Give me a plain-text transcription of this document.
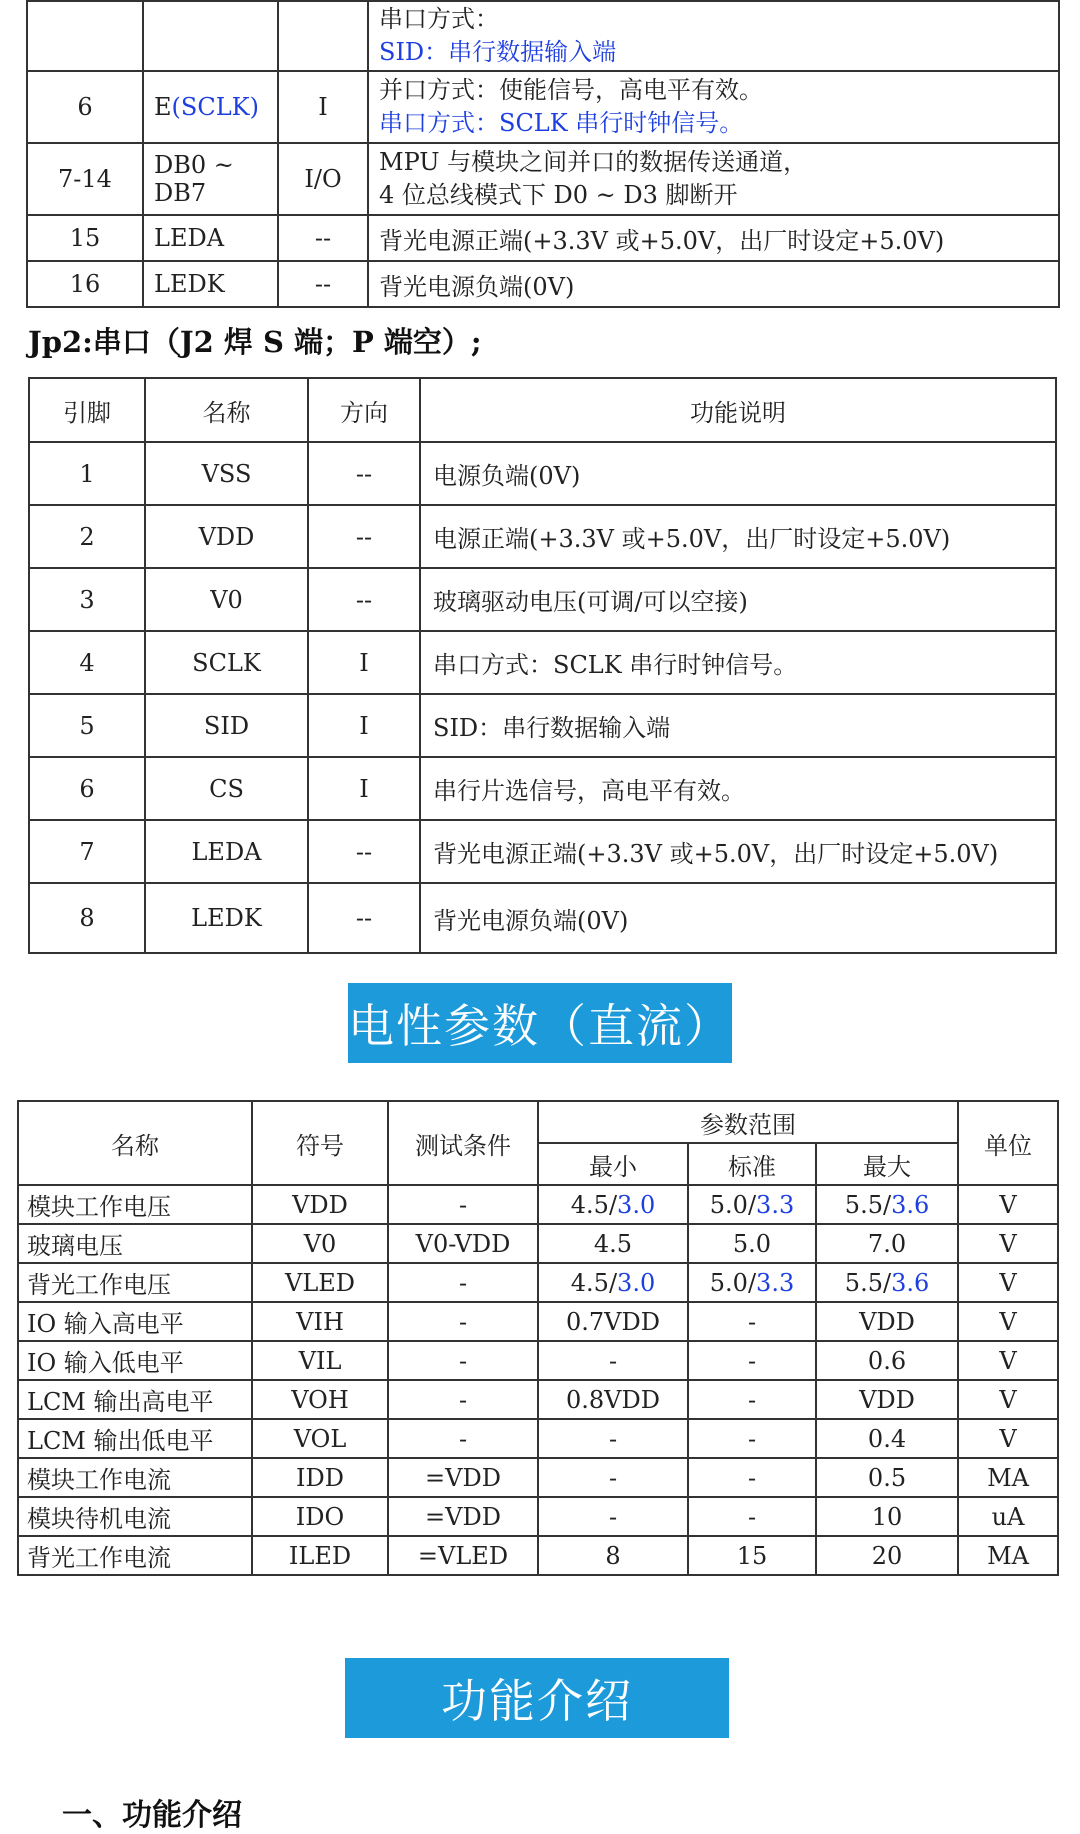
			串口方式：
SID：串行数据输入端

6	E(SCLK)	I	并口方式：使能信号，高电平有效。
串口方式：SCLK 串行时钟信号。

7-14	DB0 ~ DB7	I/O	MPU 与模块之间并口的数据传送通道，
4 位总线模式下 D0 ~ D3 脚断开

15	LEDA	--	背光电源正端(+3.3V 或+5.0V，出厂时设定+5.0V)
16	LEDK	--	背光电源负端(0V)
Jp2:串口（J2 焊 S 端；P 端空）;
引脚	名称	方向	功能说明
1	VSS	--	电源负端(0V)
2	VDD	--	电源正端(+3.3V 或+5.0V，出厂时设定+5.0V)
3	V0	--	玻璃驱动电压(可调/可以空接)
4	SCLK	I	串口方式：SCLK 串行时钟信号。
5	SID	I	SID：串行数据输入端
6	CS	I	串行片选信号，高电平有效。
7	LEDA	--	背光电源正端(+3.3V 或+5.0V，出厂时设定+5.0V)
8	LEDK	--	背光电源负端(0V)
电性参数（直流）
名称	符号	测试条件	参数范围			单位
			最小	标准	最大	
模块工作电压	VDD	-	4.5/3.0	5.0/3.3	5.5/3.6	V
玻璃电压	V0	V0-VDD	4.5	5.0	7.0	V
背光工作电压	VLED	-	4.5/3.0	5.0/3.3	5.5/3.6	V
IO 输入高电平	VIH	-	0.7VDD	-	VDD	V
IO 输入低电平	VIL	-	-	-	0.6	V
LCM 输出高电平	VOH	-	0.8VDD	-	VDD	V
LCM 输出低电平	VOL	-	-	-	0.4	V
模块工作电流	IDD	=VDD	-	-	0.5	MA
模块待机电流	IDO	=VDD	-	-	10	uA
背光工作电流	ILED	=VLED	8	15	20	MA
功能介绍
一、功能介绍
